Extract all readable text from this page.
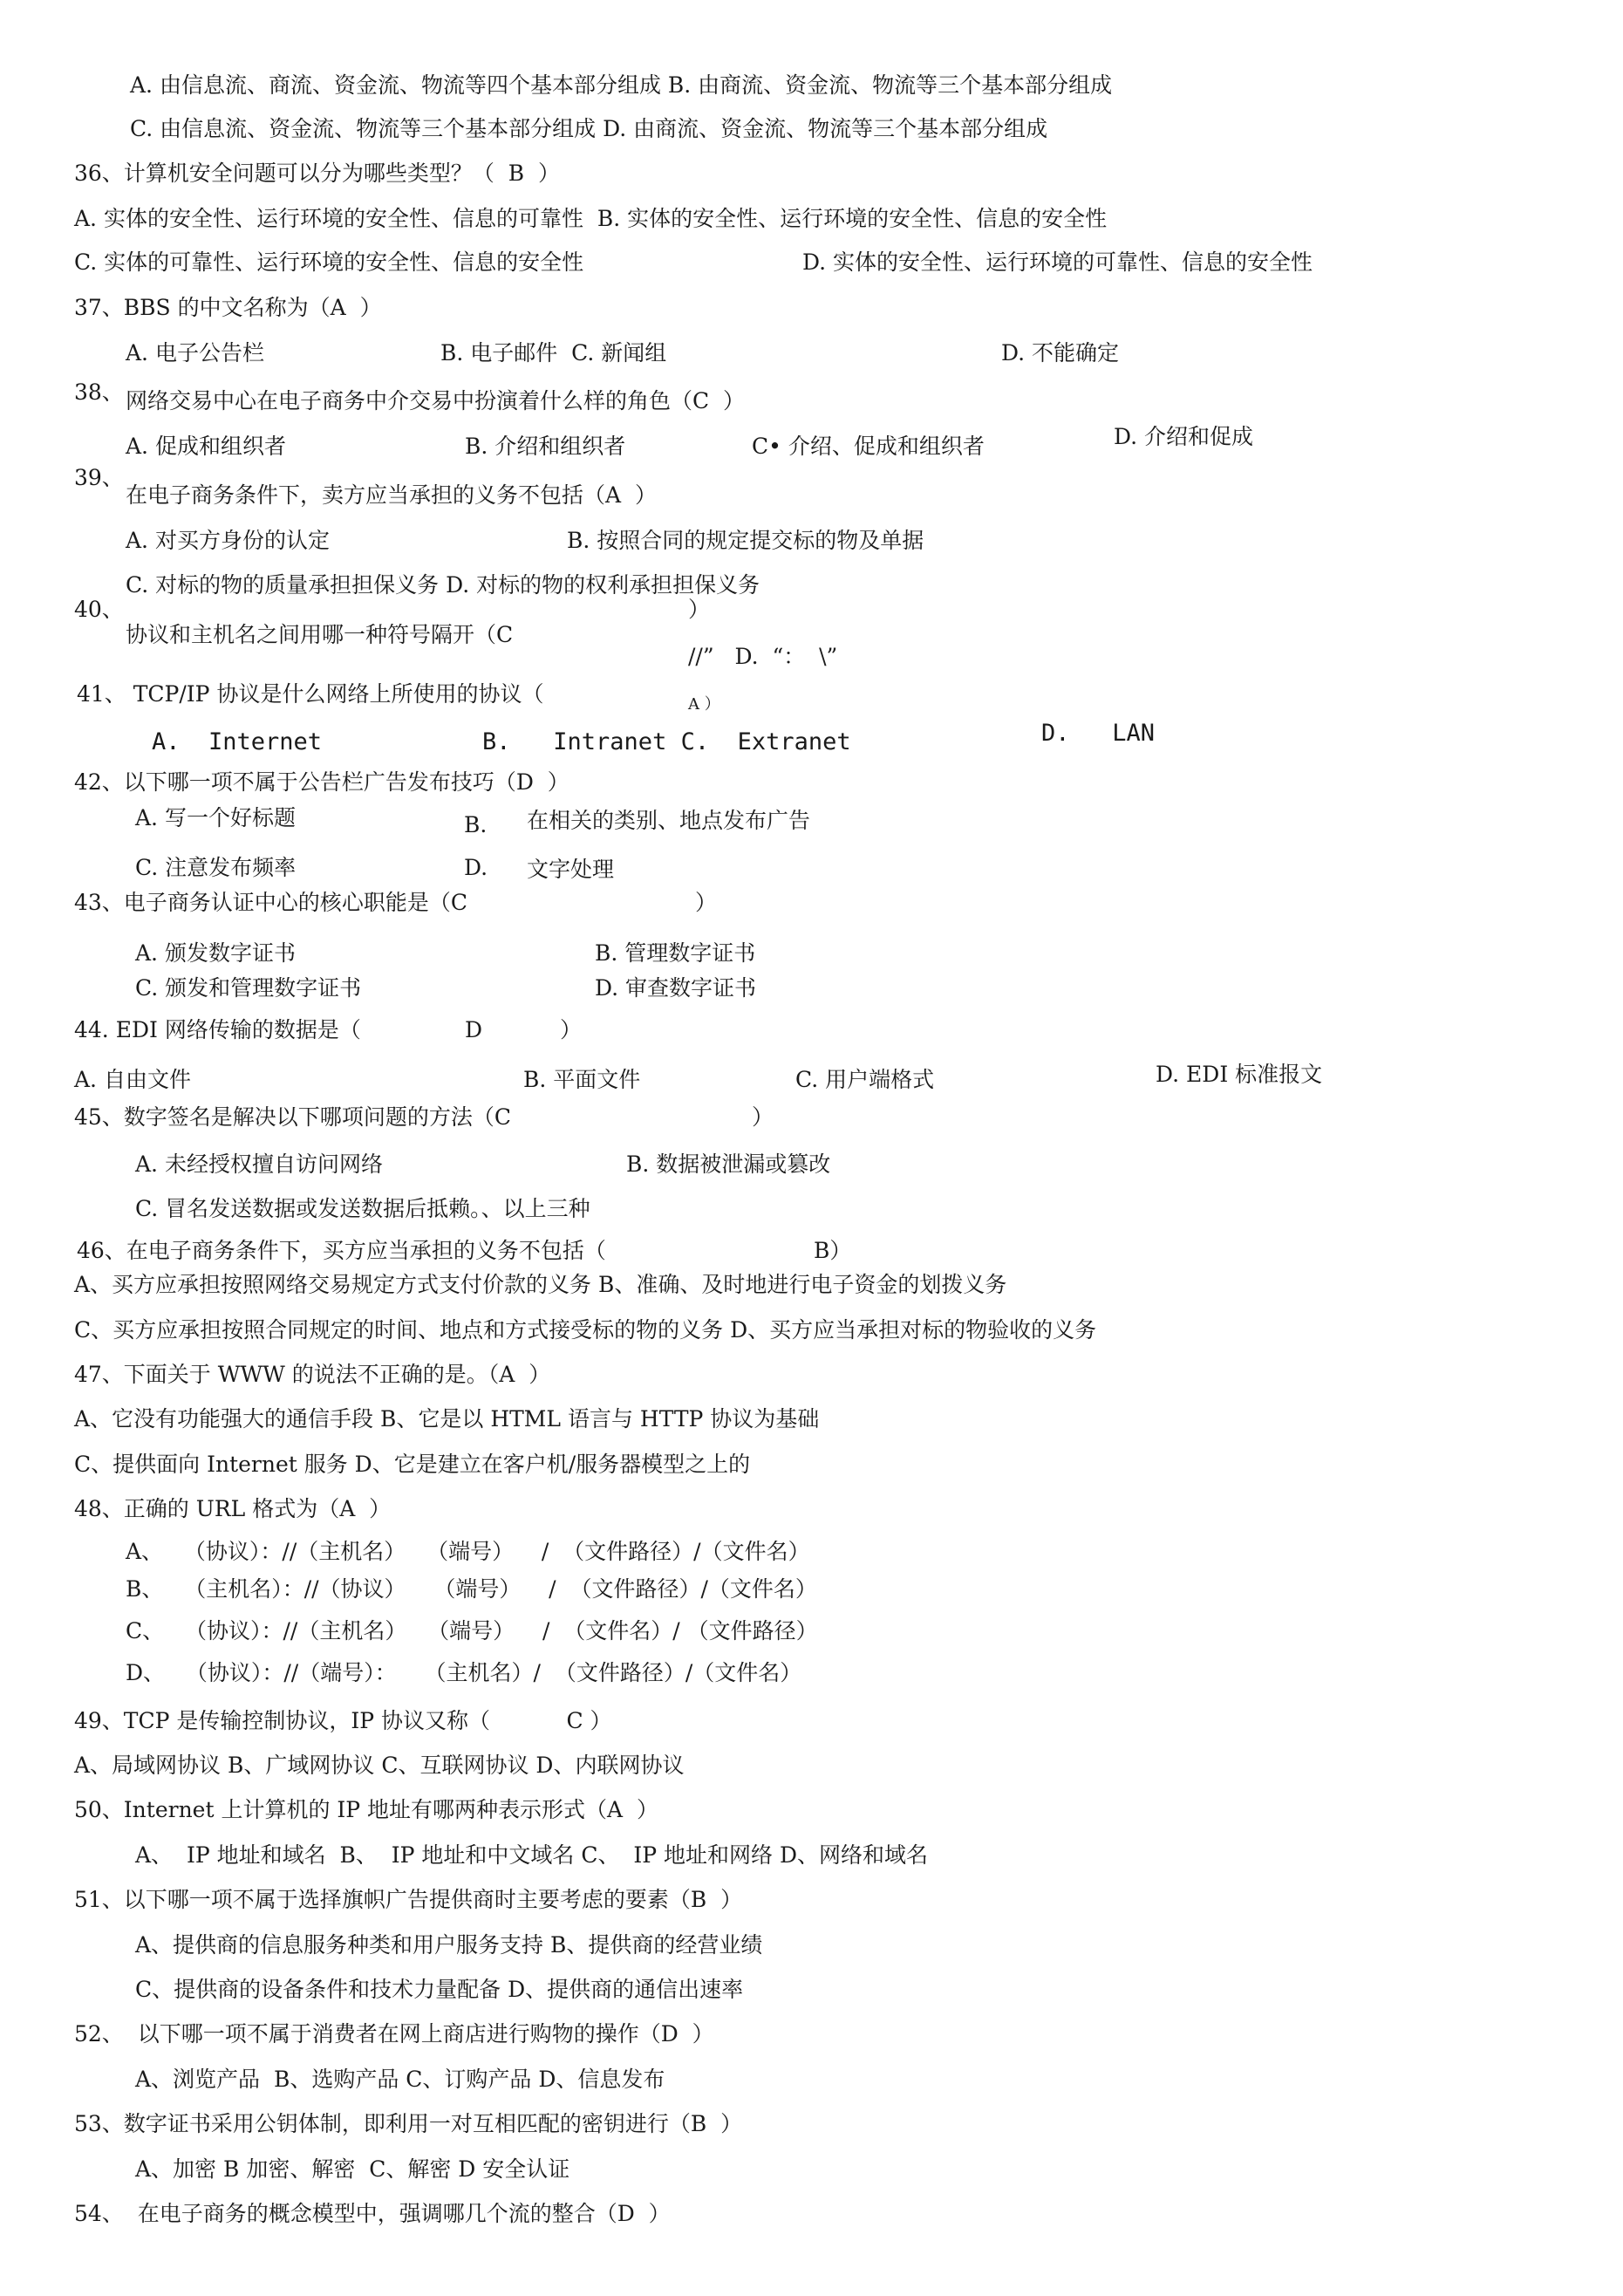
A. 由信息流、商流、资金流、物流等四个基本部分组成 B. 由商流、资金流、物流等三个基本部分组成
C. 由信息流、资金流、物流等三个基本部分组成 D. 由商流、资金流、物流等三个基本部分组成
36、计算机安全问题可以分为哪些类型？（  B  ）
A. 实体的安全性、运行环境的安全性、信息的可靠性  B. 实体的安全性、运行环境的安全性、信息的安全性
C. 实体的可靠性、运行环境的安全性、信息的安全性	D. 实体的安全性、运行环境的可靠性、信息的安全性
37、BBS 的中文名称为（A  ）
A. 电子公告栏	B. 电子邮件  C. 新闻组	D. 不能确定
38、 网络交易中心在电子商务中介交易中扮演着什么样的角色（C  ）
A. 促成和组织者	B. 介绍和组织者	C• 介绍、促成和组织者	D. 介绍和促成
39、
在电子商务条件下，卖方应当承担的义务不包括（A  ）
A. 对买方身份的认定	B. 按照合同的规定提交标的物及单据
C. 对标的物的质量承担担保义务 D. 对标的物的权利承担担保义务
40、	）
协议和主机名之间用哪一种符号隔开（C
//”   D.  “：  \”
41、 TCP/IP 协议是什么网络上所使用的协议（	A ）
A.  Internet	B.   Intranet C.  Extranet	D.   LAN
42、以下哪一项不属于公告栏广告发布技巧（D  ）
A. 写一个好标题	B. 在相关的类别、地点发布广告
C. 注意发布频率	D. 文字处理
43、电子商务认证中心的核心职能是（C	）
A. 颁发数字证书	B. 管理数字证书
C. 颁发和管理数字证书	D. 审查数字证书
44. EDI 网络传输的数据是（	D	）
A. 自由文件	B. 平面文件	C. 用户端格式	D. EDI 标准报文
45、数字签名是解决以下哪项问题的方法（C	）
A. 未经授权擅自访问网络	B. 数据被泄漏或篡改
C. 冒名发送数据或发送数据后抵赖。、以上三种
46、在电子商务条件下，买方应当承担的义务不包括（	B）
A、买方应承担按照网络交易规定方式支付价款的义务 B、准确、及时地进行电子资金的划拨义务
C、买方应承担按照合同规定的时间、地点和方式接受标的物的义务 D、买方应当承担对标的物验收的义务
47、下面关于 WWW 的说法不正确的是。（A  ）
A、它没有功能强大的通信手段 B、它是以 HTML 语言与 HTTP 协议为基础
C、提供面向 Internet 服务 D、它是建立在客户机/服务器模型之上的
48、正确的 URL 格式为（A  ）
A、   （协议）：//（主机名）   （端号）    /  （文件路径）/（文件名）
B、   （主机名）：//（协议）    （端号）    /  （文件路径）/（文件名）
C、   （协议）：//（主机名）   （端号）    /  （文件名）/ （文件路径）
D、   （协议）：//（端号）：    （主机名）/  （文件路径）/（文件名）
49、TCP 是传输控制协议，IP 协议又称（           C ）
A、局域网协议 B、广域网协议 C、互联网协议 D、内联网协议
50、Internet 上计算机的 IP 地址有哪两种表示形式（A  ）
A、  IP 地址和域名  B、  IP 地址和中文域名 C、  IP 地址和网络 D、网络和域名
51、以下哪一项不属于选择旗帜广告提供商时主要考虑的要素（B  ）
A、提供商的信息服务种类和用户服务支持 B、提供商的经营业绩
C、提供商的设备条件和技术力量配备 D、提供商的通信出速率
52、  以下哪一项不属于消费者在网上商店进行购物的操作（D  ）
A、浏览产品  B、选购产品 C、订购产品 D、信息发布
53、数字证书采用公钥体制，即利用一对互相匹配的密钥进行（B  ）
A、加密 B 加密、解密  C、解密 D 安全认证
54、  在电子商务的概念模型中，强调哪几个流的整合（D  ）
